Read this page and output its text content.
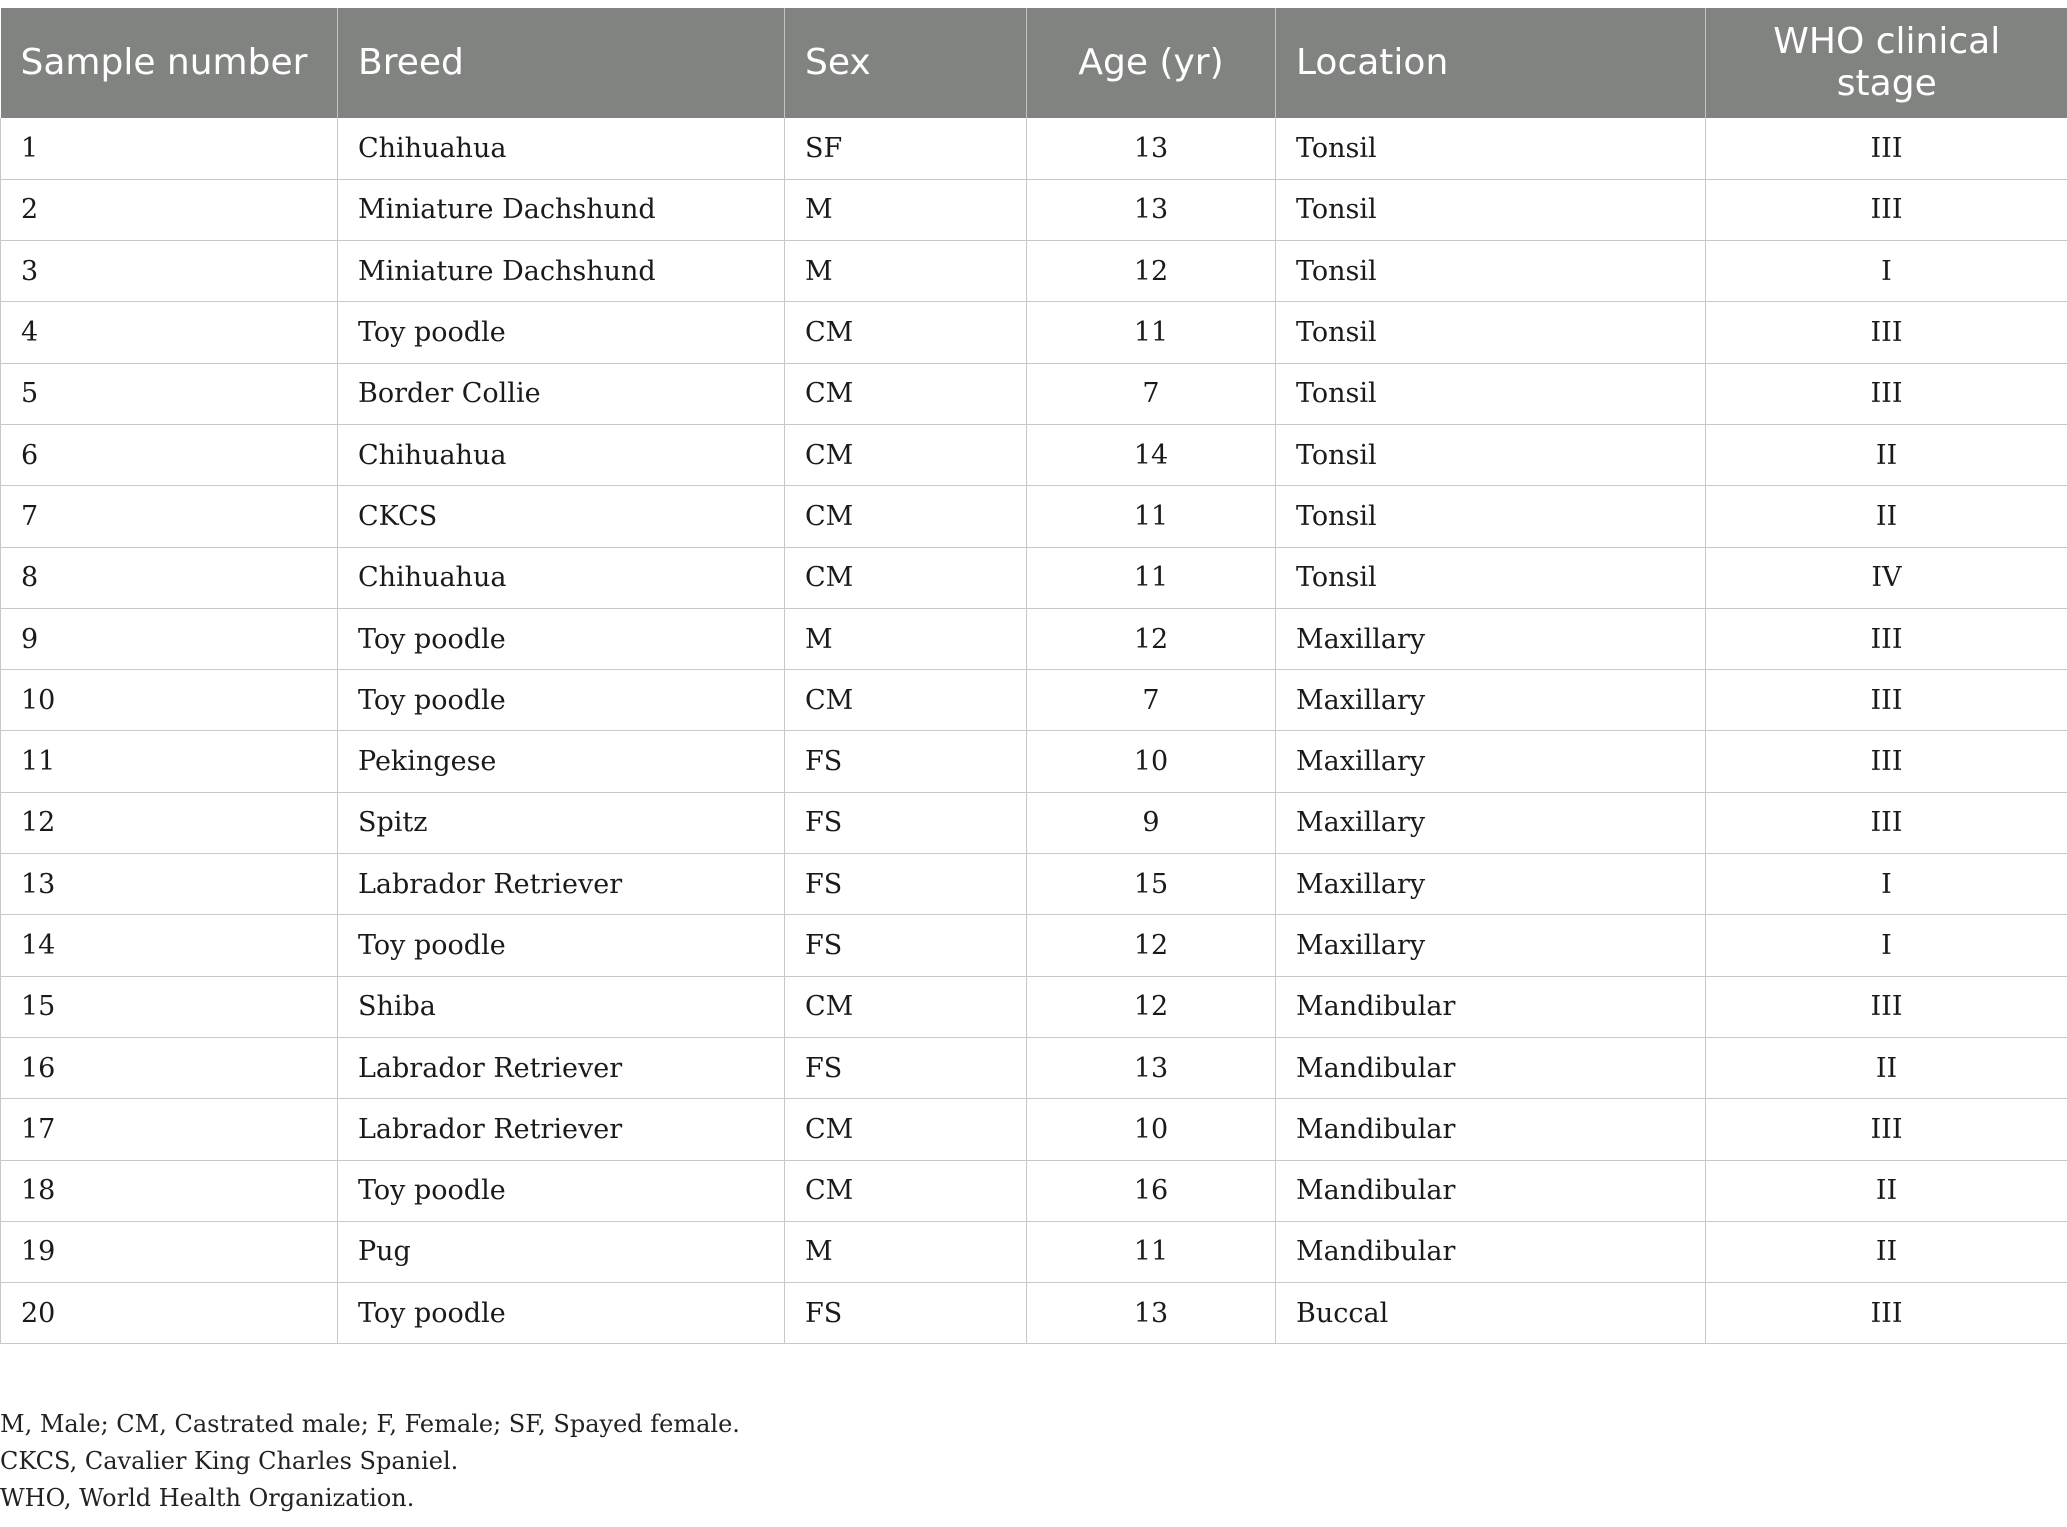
Sample number	Breed	Sex	Age (yr)	Location	WHO clinical stage
1	Chihuahua	SF	13	Tonsil	III
2	Miniature Dachshund	M	13	Tonsil	III
3	Miniature Dachshund	M	12	Tonsil	I
4	Toy poodle	CM	11	Tonsil	III
5	Border Collie	CM	7	Tonsil	III
6	Chihuahua	CM	14	Tonsil	II
7	CKCS	CM	11	Tonsil	II
8	Chihuahua	CM	11	Tonsil	IV
9	Toy poodle	M	12	Maxillary	III
10	Toy poodle	CM	7	Maxillary	III
11	Pekingese	FS	10	Maxillary	III
12	Spitz	FS	9	Maxillary	III
13	Labrador Retriever	FS	15	Maxillary	I
14	Toy poodle	FS	12	Maxillary	I
15	Shiba	CM	12	Mandibular	III
16	Labrador Retriever	FS	13	Mandibular	II
17	Labrador Retriever	CM	10	Mandibular	III
18	Toy poodle	CM	16	Mandibular	II
19	Pug	M	11	Mandibular	II
20	Toy poodle	FS	13	Buccal	III

M, Male; CM, Castrated male; F, Female; SF, Spayed female.

CKCS, Cavalier King Charles Spaniel.

WHO, World Health Organization.
